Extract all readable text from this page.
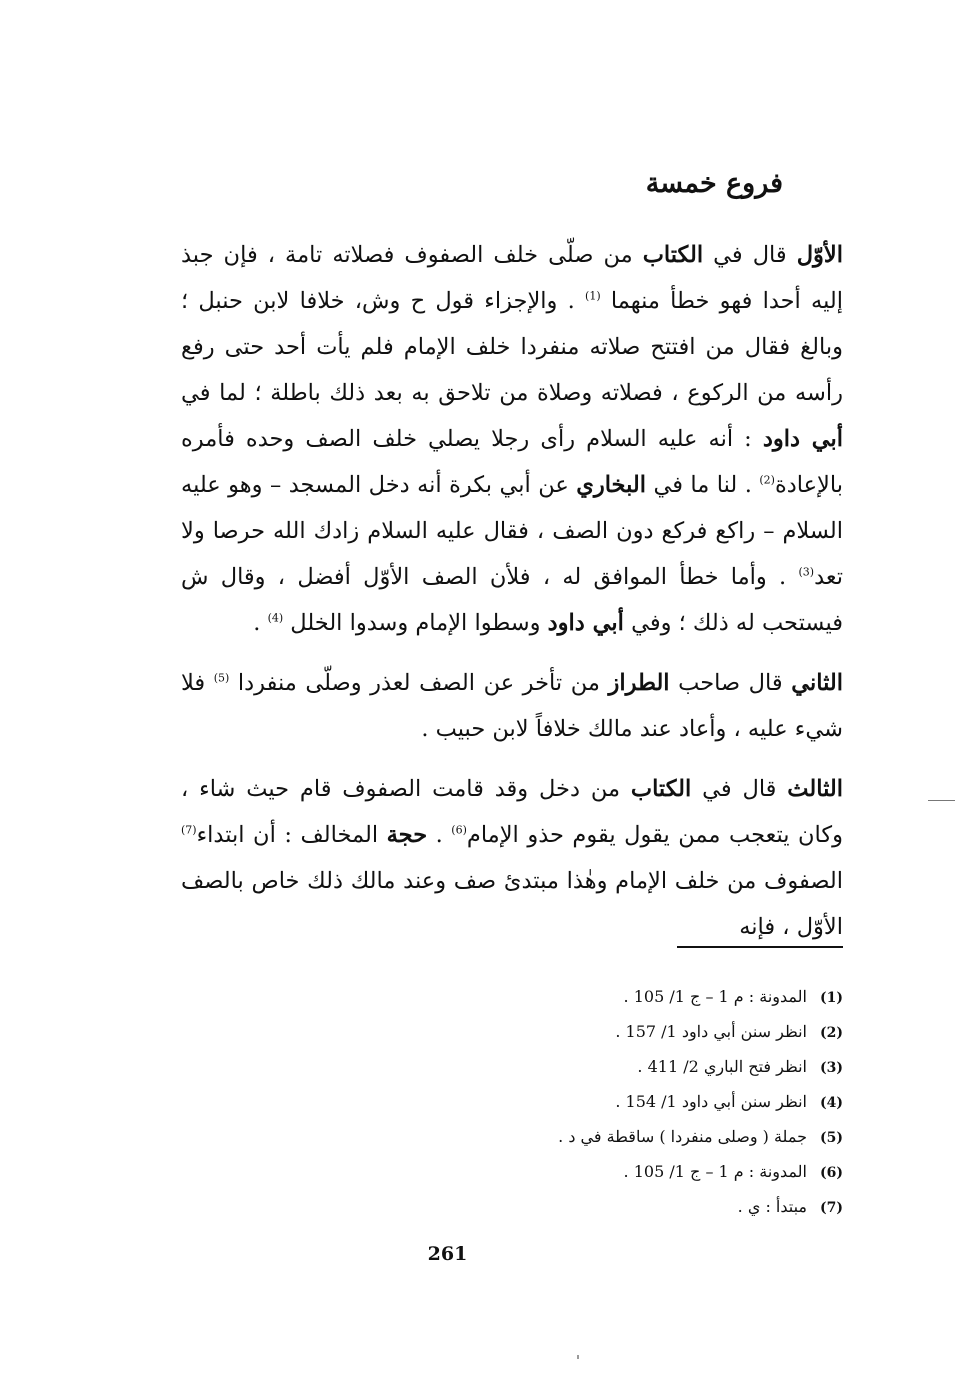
فروع خمسة

الأوّل قال في الكتاب من صلّى خلف الصفوف فصلاته تامة ، فإن جبذ إليه أحدا فهو خطأ منهما $^{(1)}$ . والإجزاء قول ح وش، خلافا لابن حنبل ؛ وبالغ فقال من افتتح صلاته منفردا خلف الإمام فلم يأت أحد حتى رفع رأسه من الركوع ، فصلاته وصلاة من تلاحق به بعد ذلك باطلة ؛ لما في أبي داود : أنه عليه السلام رأى رجلا يصلي خلف الصف وحده فأمره بالإعادة$^{(2)}$ . لنا ما في البخاري عن أبي بكرة أنه دخل المسجد – وهو عليه السلام – راكع فركع دون الصف ، فقال عليه السلام زادك الله حرصا ولا تعد$^{(3)}$ . وأما خطأ الموافق له ، فلأن الصف الأوّل أفضل ، وقال ش فيستحب له ذلك ؛ وفي أبي داود وسطوا الإمام وسدوا الخلل $^{(4)}$ .

الثاني قال صاحب الطراز من تأخر عن الصف لعذر وصلّى منفردا $^{(5)}$ فلا شيء عليه ، وأعاد عند مالك خلافاً لابن حبيب .

الثالث قال في الكتاب من دخل وقد قامت الصفوف قام حيث شاء ، وكان يتعجب ممن يقول يقوم حذو الإمام$^{(6)}$ . حجة المخالف : أن ابتداء$^{(7)}$ الصفوف من خلف الإمام وهٰذا مبتدئ صف وعند مالك ذلك خاص بالصف الأوّل ، فإنه

(1)المدونة : م 1 – ج 1/ 105 .
(2)انظر سنن أبي داود 1/ 157 .
(3)انظر فتح الباري 2/ 411 .
(4)انظر سنن أبي داود 1/ 154 .
(5)جملة ( وصلى منفردا ) ساقطة في د .
(6)المدونة : م 1 – ج 1/ 105 .
(7)مبتدأ : ي .
261
